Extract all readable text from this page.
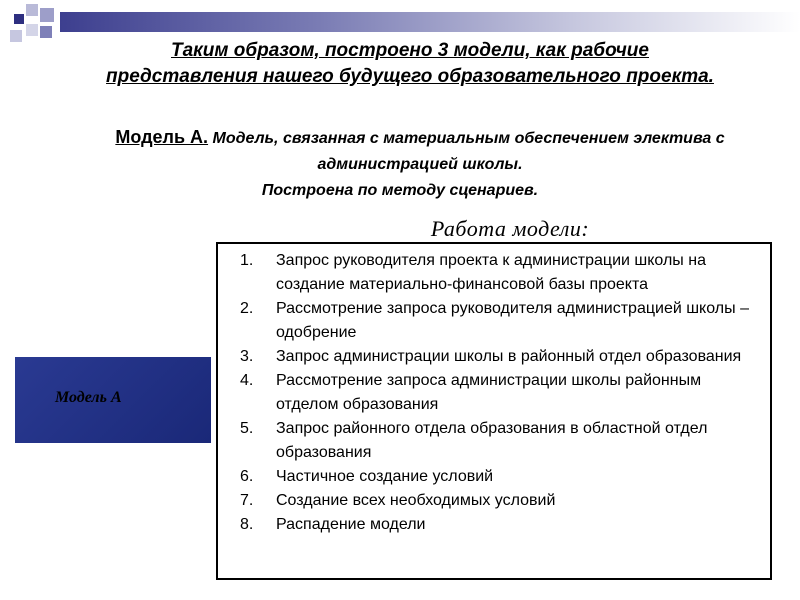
Таким образом, построено 3 модели, как рабочие представления нашего будущего образовательного проекта.
Модель А. Модель, связанная с материальным обеспечением электива с администрацией школы.
Построена по методу сценариев.
Работа модели:
Модель А
1.	Запрос руководителя проекта к администрации школы на создание материально-финансовой базы проекта
2.	Рассмотрение запроса руководителя администрацией школы – одобрение
3.	Запрос администрации школы в районный отдел образования
4.	Рассмотрение запроса администрации школы районным отделом образования
5.	Запрос районного отдела образования в областной отдел образования
6.	Частичное создание условий
7.	Создание всех необходимых условий
8.	Распадение модели
